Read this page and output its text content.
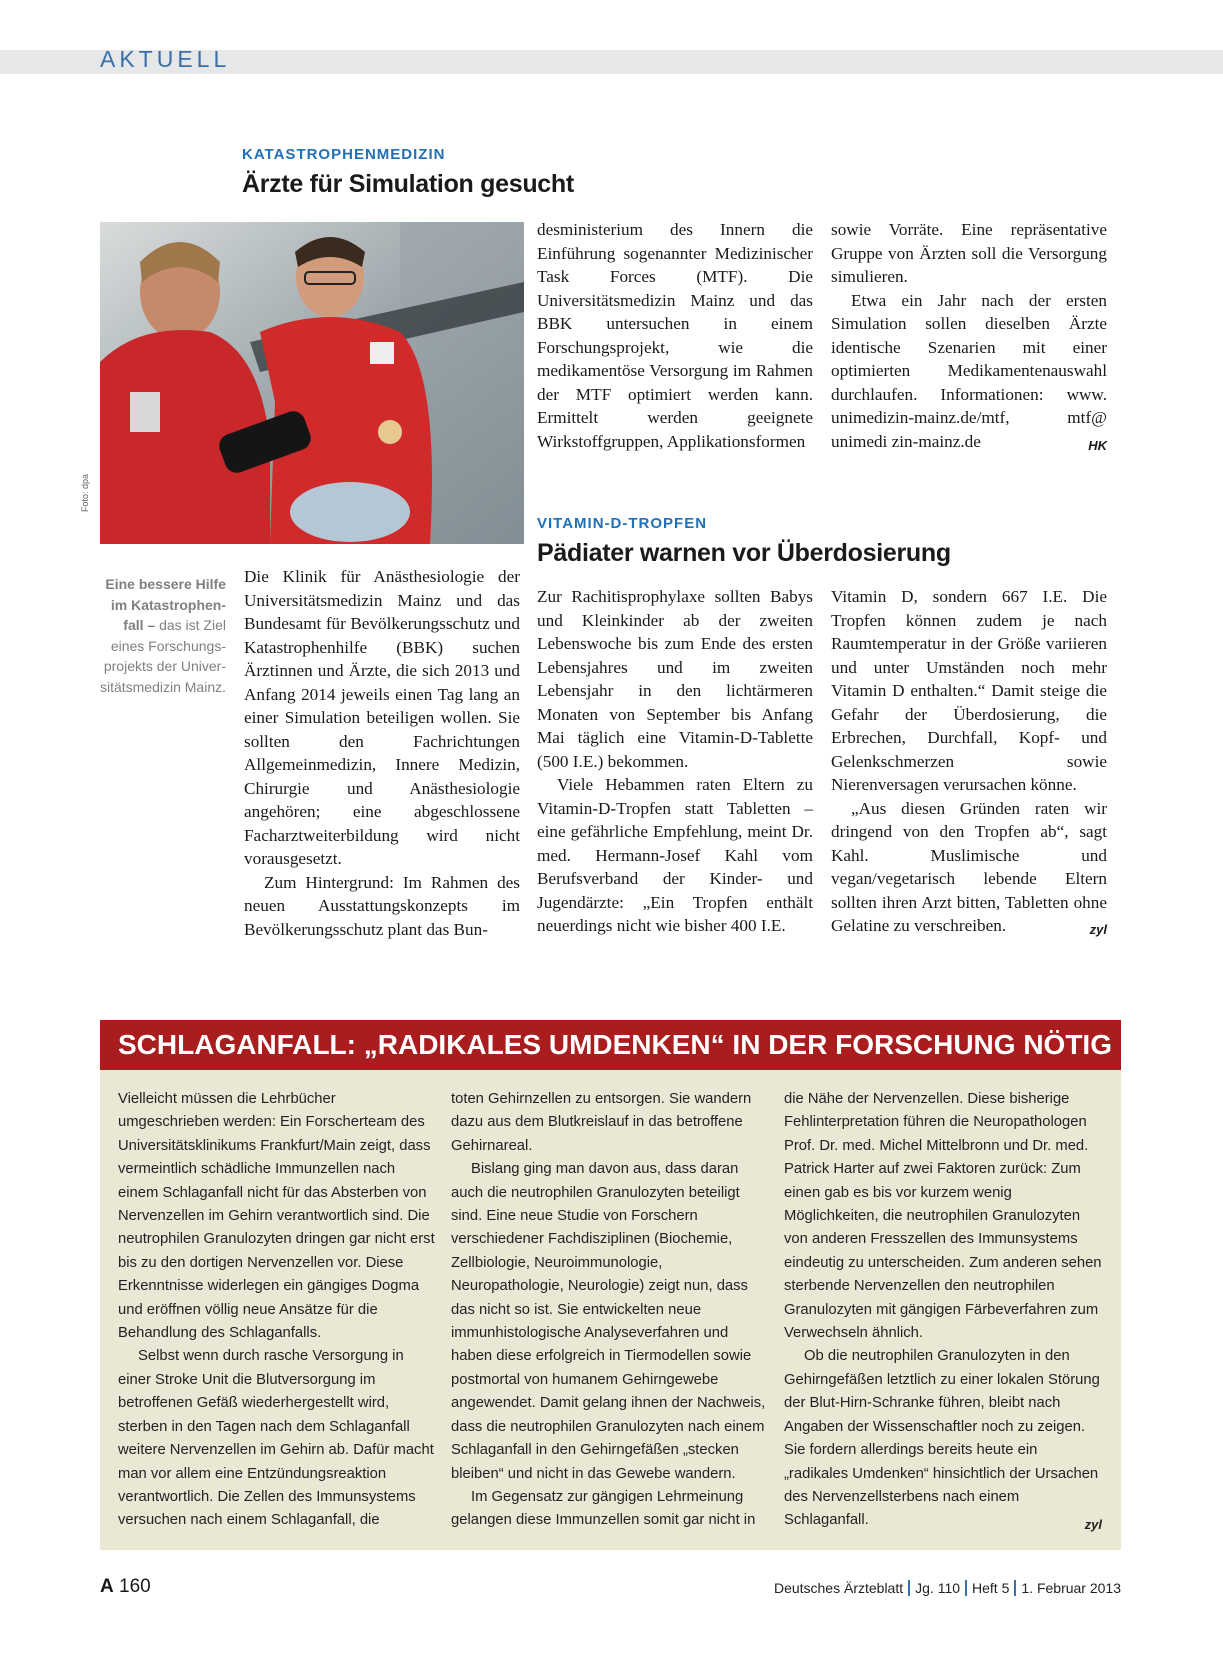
AKTUELL
KATASTROPHENMEDIZIN
Ärzte für Simulation gesucht
Foto: dpa
Eine bessere Hilfe im Katastrophen-fall – das ist Ziel eines Forschungs-projekts der Univer-sitätsmedizin Mainz.

Die Klinik für Anästhesiologie der Universitätsmedizin Mainz und das Bundesamt für Bevölkerungsschutz und Katastrophenhilfe (BBK) suchen Ärztinnen und Ärzte, die sich 2013 und Anfang 2014 jeweils einen Tag lang an einer Simulation beteiligen wollen. Sie sollten den Fachrichtungen Allgemeinmedizin, Innere Medizin, Chirurgie und Anästhesiologie angehören; eine abgeschlossene Facharztweiterbildung wird nicht vorausgesetzt.

Zum Hintergrund: Im Rahmen des neuen Ausstattungskonzepts im Bevölkerungsschutz plant das Bun-

desministerium des Innern die Einführung sogenannter Medizinischer Task Forces (MTF). Die Universitätsmedizin Mainz und das BBK untersuchen in einem Forschungsprojekt, wie die medikamentöse Versorgung im Rahmen der MTF optimiert werden kann. Ermittelt werden geeignete Wirkstoffgruppen, Applikationsformen

sowie Vorräte. Eine repräsentative Gruppe von Ärzten soll die Versorgung simulieren.

Etwa ein Jahr nach der ersten Simulation sollen dieselben Ärzte identische Szenarien mit einer optimierten Medikamentenauswahl durchlaufen. Informationen: www. unimedizin-mainz.de/mtf, mtf@ unimedi zin-mainz.de	HK

VITAMIN-D-TROPFEN
Pädiater warnen vor Überdosierung

Zur Rachitisprophylaxe sollten Babys und Kleinkinder ab der zweiten Lebenswoche bis zum Ende des ersten Lebensjahres und im zweiten Lebensjahr in den lichtärmeren Monaten von September bis Anfang Mai täglich eine Vitamin-D-Tablette (500 I.E.) bekommen.

Viele Hebammen raten Eltern zu Vitamin-D-Tropfen statt Tabletten – eine gefährliche Empfehlung, meint Dr. med. Hermann-Josef Kahl vom Berufsverband der Kinder- und Jugendärzte: „Ein Tropfen enthält neuerdings nicht wie bisher 400 I.E.

Vitamin D, sondern 667 I.E. Die Tropfen können zudem je nach Raumtemperatur in der Größe variieren und unter Umständen noch mehr Vitamin D enthalten.“ Damit steige die Gefahr der Überdosierung, die Erbrechen, Durchfall, Kopf- und Gelenkschmerzen sowie Nierenversagen verursachen könne.

„Aus diesen Gründen raten wir dringend von den Tropfen ab“, sagt Kahl. Muslimische und vegan/vegetarisch lebende Eltern sollten ihren Arzt bitten, Tabletten ohne Gelatine zu verschreiben.	zyl

SCHLAGANFALL: „RADIKALES UMDENKEN“ IN DER FORSCHUNG NÖTIG

Vielleicht müssen die Lehrbücher umgeschrieben werden: Ein Forscherteam des Universitätsklinikums Frankfurt/Main zeigt, dass vermeintlich schädliche Immunzellen nach einem Schlaganfall nicht für das Absterben von Nervenzellen im Gehirn verantwortlich sind. Die neutrophilen Granulozyten dringen gar nicht erst bis zu den dortigen Nervenzellen vor. Diese Erkenntnisse widerlegen ein gängiges Dogma und eröffnen völlig neue Ansätze für die Behandlung des Schlaganfalls.

Selbst wenn durch rasche Versorgung in einer Stroke Unit die Blutversorgung im betroffenen Gefäß wiederhergestellt wird, sterben in den Tagen nach dem Schlaganfall weitere Nervenzellen im Gehirn ab. Dafür macht man vor allem eine Entzündungsreaktion verantwortlich. Die Zellen des Immunsystems versuchen nach einem Schlaganfall, die

toten Gehirnzellen zu entsorgen. Sie wandern dazu aus dem Blutkreislauf in das betroffene Gehirnareal.

Bislang ging man davon aus, dass daran auch die neutrophilen Granulozyten beteiligt sind. Eine neue Studie von Forschern verschiedener Fachdisziplinen (Biochemie, Zellbiologie, Neuroimmunologie, Neuropathologie, Neurologie) zeigt nun, dass das nicht so ist. Sie entwickelten neue immunhistologische Analyseverfahren und haben diese erfolgreich in Tiermodellen sowie postmortal von humanem Gehirngewebe angewendet. Damit gelang ihnen der Nachweis, dass die neutrophilen Granulozyten nach einem Schlaganfall in den Gehirngefäßen „stecken bleiben“ und nicht in das Gewebe wandern.

Im Gegensatz zur gängigen Lehrmeinung gelangen diese Immunzellen somit gar nicht in

die Nähe der Nervenzellen. Diese bisherige Fehlinterpretation führen die Neuropathologen Prof. Dr. med. Michel Mittelbronn und Dr. med. Patrick Harter auf zwei Faktoren zurück: Zum einen gab es bis vor kurzem wenig Möglichkeiten, die neutrophilen Granulozyten von anderen Fresszellen des Immunsystems eindeutig zu unterscheiden. Zum anderen sehen sterbende Nervenzellen den neutrophilen Granulozyten mit gängigen Färbeverfahren zum Verwechseln ähnlich.

Ob die neutrophilen Granulozyten in den Gehirngefäßen letztlich zu einer lokalen Störung der Blut-Hirn-Schranke führen, bleibt nach Angaben der Wissenschaftler noch zu zeigen. Sie fordern allerdings bereits heute ein „radikales Umdenken“ hinsichtlich der Ursachen des Nervenzellsterbens nach einem Schlaganfall.	zyl

A 160	Deutsches Ärzteblatt Jg. 110 Heft 5 1. Februar 2013
